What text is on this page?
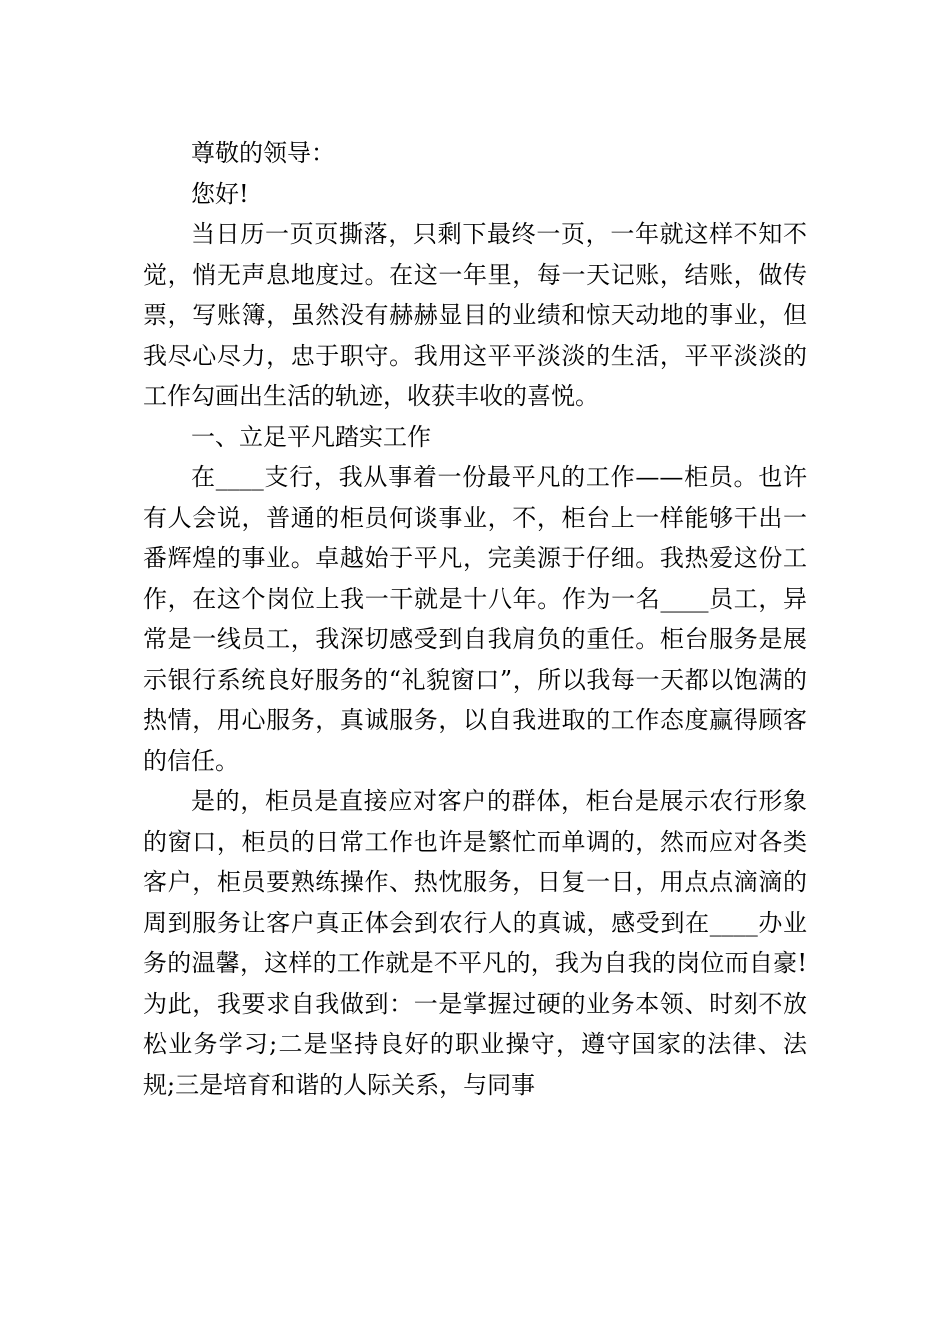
尊敬的领导：

您好!

当日历一页页撕落，只剩下最终一页，一年就这样不知不觉，悄无声息地度过。在这一年里，每一天记账，结账，做传票，写账簿，虽然没有赫赫显目的业绩和惊天动地的事业，但我尽心尽力，忠于职守。我用这平平淡淡的生活，平平淡淡的工作勾画出生活的轨迹，收获丰收的喜悦。

一、立足平凡踏实工作

在____支行，我从事着一份最平凡的工作——柜员。也许有人会说，普通的柜员何谈事业，不，柜台上一样能够干出一番辉煌的事业。卓越始于平凡，完美源于仔细。我热爱这份工作，在这个岗位上我一干就是十八年。作为一名____员工，异常是一线员工，我深切感受到自我肩负的重任。柜台服务是展示银行系统良好服务的“礼貌窗口”，所以我每一天都以饱满的热情，用心服务，真诚服务，以自我进取的工作态度赢得顾客的信任。

是的，柜员是直接应对客户的群体，柜台是展示农行形象的窗口，柜员的日常工作也许是繁忙而单调的，然而应对各类客户，柜员要熟练操作、热忱服务，日复一日，用点点滴滴的周到服务让客户真正体会到农行人的真诚，感受到在____办业务的温馨，这样的工作就是不平凡的，我为自我的岗位而自豪!为此，我要求自我做到：一是掌握过硬的业务本领、时刻不放松业务学习;二是坚持良好的职业操守，遵守国家的法律、法规;三是培育和谐的人际关系，与同事
